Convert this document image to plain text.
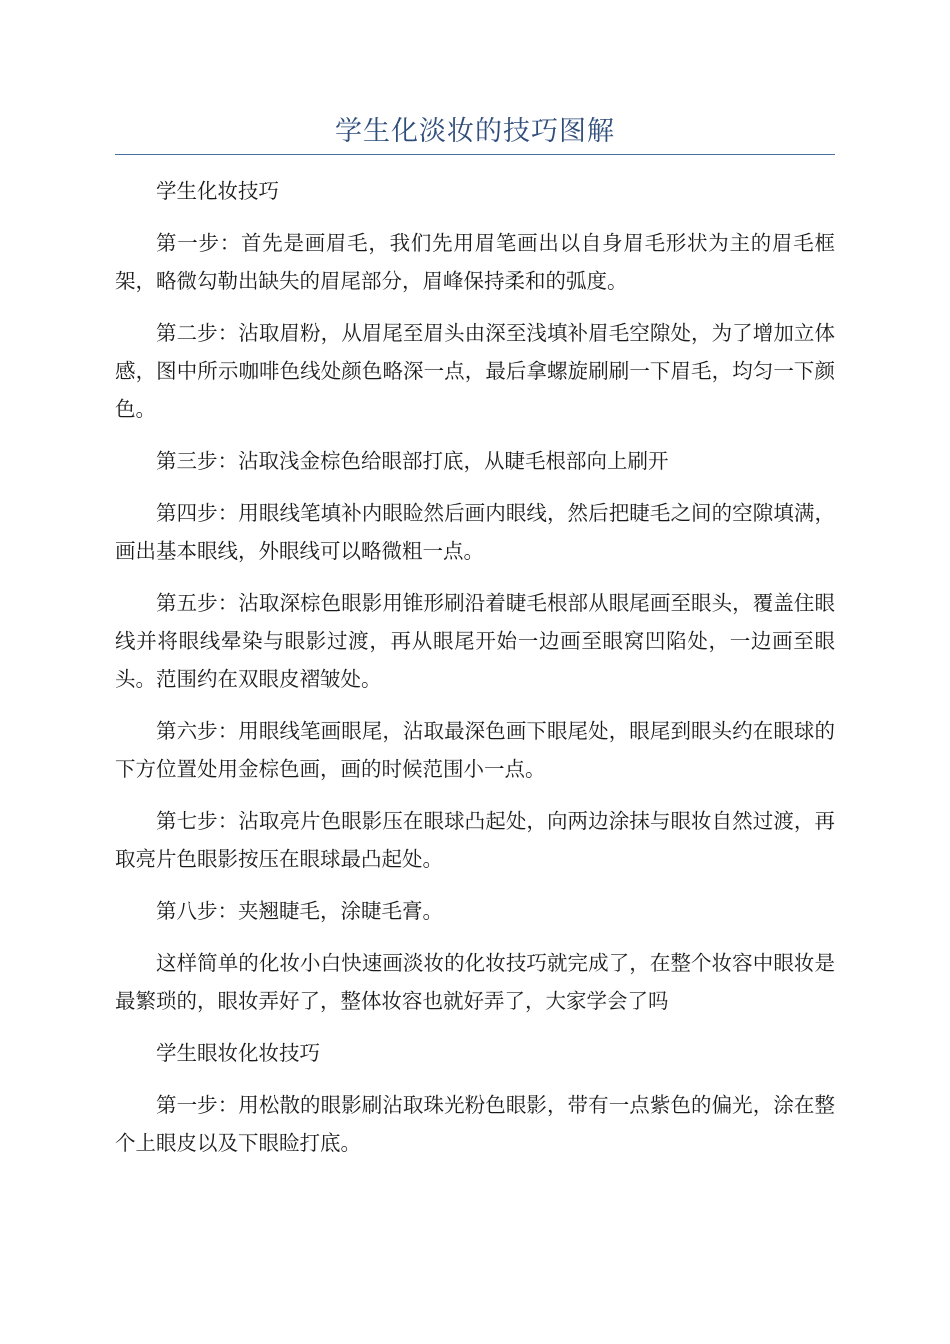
学生化淡妆的技巧图解

学生化妆技巧

第一步：首先是画眉毛，我们先用眉笔画出以自身眉毛形状为主的眉毛框架，略微勾勒出缺失的眉尾部分，眉峰保持柔和的弧度。

第二步：沾取眉粉，从眉尾至眉头由深至浅填补眉毛空隙处，为了增加立体感，图中所示咖啡色线处颜色略深一点，最后拿螺旋刷刷一下眉毛，均匀一下颜色。

第三步：沾取浅金棕色给眼部打底，从睫毛根部向上刷开

第四步：用眼线笔填补内眼睑然后画内眼线，然后把睫毛之间的空隙填满，画出基本眼线，外眼线可以略微粗一点。

第五步：沾取深棕色眼影用锥形刷沿着睫毛根部从眼尾画至眼头，覆盖住眼线并将眼线晕染与眼影过渡，再从眼尾开始一边画至眼窝凹陷处，一边画至眼头。范围约在双眼皮褶皱处。

第六步：用眼线笔画眼尾，沾取最深色画下眼尾处，眼尾到眼头约在眼球的下方位置处用金棕色画，画的时候范围小一点。

第七步：沾取亮片色眼影压在眼球凸起处，向两边涂抹与眼妆自然过渡，再取亮片色眼影按压在眼球最凸起处。

第八步：夹翘睫毛，涂睫毛膏。

这样简单的化妆小白快速画淡妆的化妆技巧就完成了，在整个妆容中眼妆是最繁琐的，眼妆弄好了，整体妆容也就好弄了，大家学会了吗

学生眼妆化妆技巧

第一步：用松散的眼影刷沾取珠光粉色眼影，带有一点紫色的偏光，涂在整个上眼皮以及下眼睑打底。
